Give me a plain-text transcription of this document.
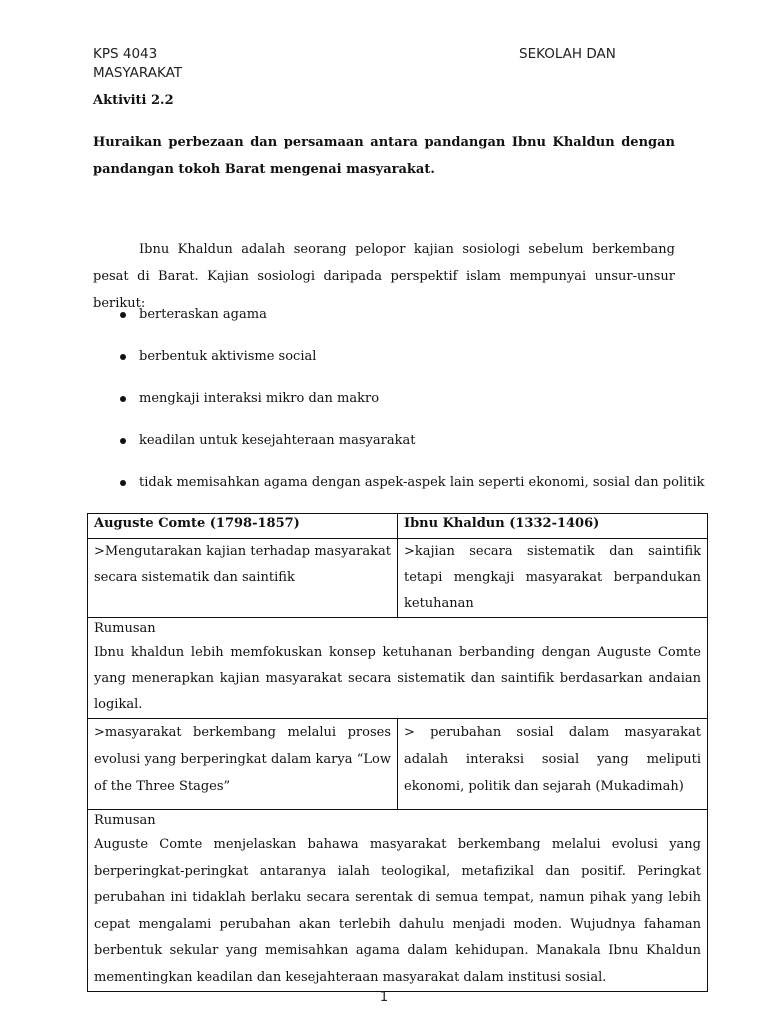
KPS 4043	SEKOLAH DAN
MASYARAKAT
Aktiviti 2.2
Huraikan perbezaan dan persamaan antara pandangan Ibnu Khaldun dengan pandangan tokoh Barat mengenai masyarakat.

Ibnu Khaldun adalah seorang pelopor kajian sosiologi sebelum berkembang pesat di Barat. Kajian sosiologi daripada perspektif islam mempunyai unsur-unsur berikut:

berteraskan agama
berbentuk aktivisme social
mengkaji interaksi mikro dan makro
keadilan untuk kesejahteraan masyarakat
tidak memisahkan agama dengan aspek-aspek lain seperti ekonomi, sosial dan politik
Auguste Comte (1798-1857)	Ibnu Khaldun (1332-1406)
>Mengutarakan kajian terhadap masyarakat secara sistematik dan saintifik	>kajian secara sistematik dan saintifik tetapi mengkaji masyarakat berpandukan ketuhanan

Rumusan
Ibnu khaldun lebih memfokuskan konsep ketuhanan berbanding dengan Auguste Comte yang menerapkan kajian masyarakat secara sistematik dan saintifik berdasarkan andaian logikal.	
>masyarakat berkembang melalui proses evolusi yang berperingkat dalam karya “Low of the Three Stages”	> perubahan sosial dalam masyarakat adalah interaksi sosial yang meliputi ekonomi, politik dan sejarah (Mukadimah)

Rumusan
Auguste Comte menjelaskan bahawa masyarakat berkembang melalui evolusi yang berperingkat-peringkat antaranya ialah teologikal, metafizikal dan positif. Peringkat perubahan ini tidaklah berlaku secara serentak di semua tempat, namun pihak yang lebih cepat mengalami perubahan akan terlebih dahulu menjadi moden. Wujudnya fahaman berbentuk sekular yang memisahkan agama dalam kehidupan. Manakala Ibnu Khaldun mementingkan keadilan dan kesejahteraan masyarakat dalam institusi sosial.	
1
